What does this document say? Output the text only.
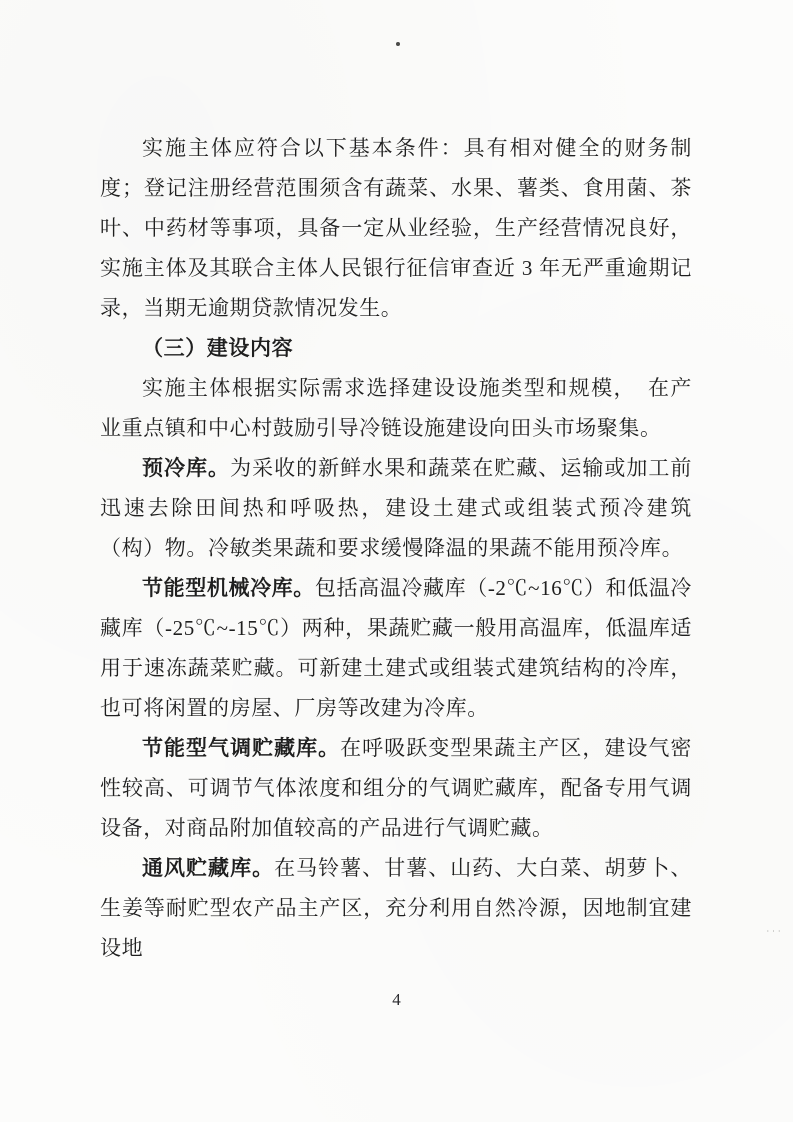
实施主体应符合以下基本条件：具有相对健全的财务制度；登记注册经营范围须含有蔬菜、水果、薯类、食用菌、茶叶、中药材等事项，具备一定从业经验，生产经营情况良好，实施主体及其联合主体人民银行征信审查近 3 年无严重逾期记录，当期无逾期贷款情况发生。

（三）建设内容

实施主体根据实际需求选择建设设施类型和规模，　在产业重点镇和中心村鼓励引导冷链设施建设向田头市场聚集。

预冷库。为采收的新鲜水果和蔬菜在贮藏、运输或加工前迅速去除田间热和呼吸热，建设土建式或组装式预冷建筑（构）物。冷敏类果蔬和要求缓慢降温的果蔬不能用预冷库。

节能型机械冷库。包括高温冷藏库（-2℃~16℃）和低温冷藏库（-25℃~-15℃）两种，果蔬贮藏一般用高温库，低温库适用于速冻蔬菜贮藏。可新建土建式或组装式建筑结构的冷库，也可将闲置的房屋、厂房等改建为冷库。

节能型气调贮藏库。在呼吸跃变型果蔬主产区，建设气密性较高、可调节气体浓度和组分的气调贮藏库，配备专用气调设备，对商品附加值较高的产品进行气调贮藏。

通风贮藏库。在马铃薯、甘薯、山药、大白菜、胡萝卜、生姜等耐贮型农产品主产区，充分利用自然冷源，因地制宜建设地

···
4
